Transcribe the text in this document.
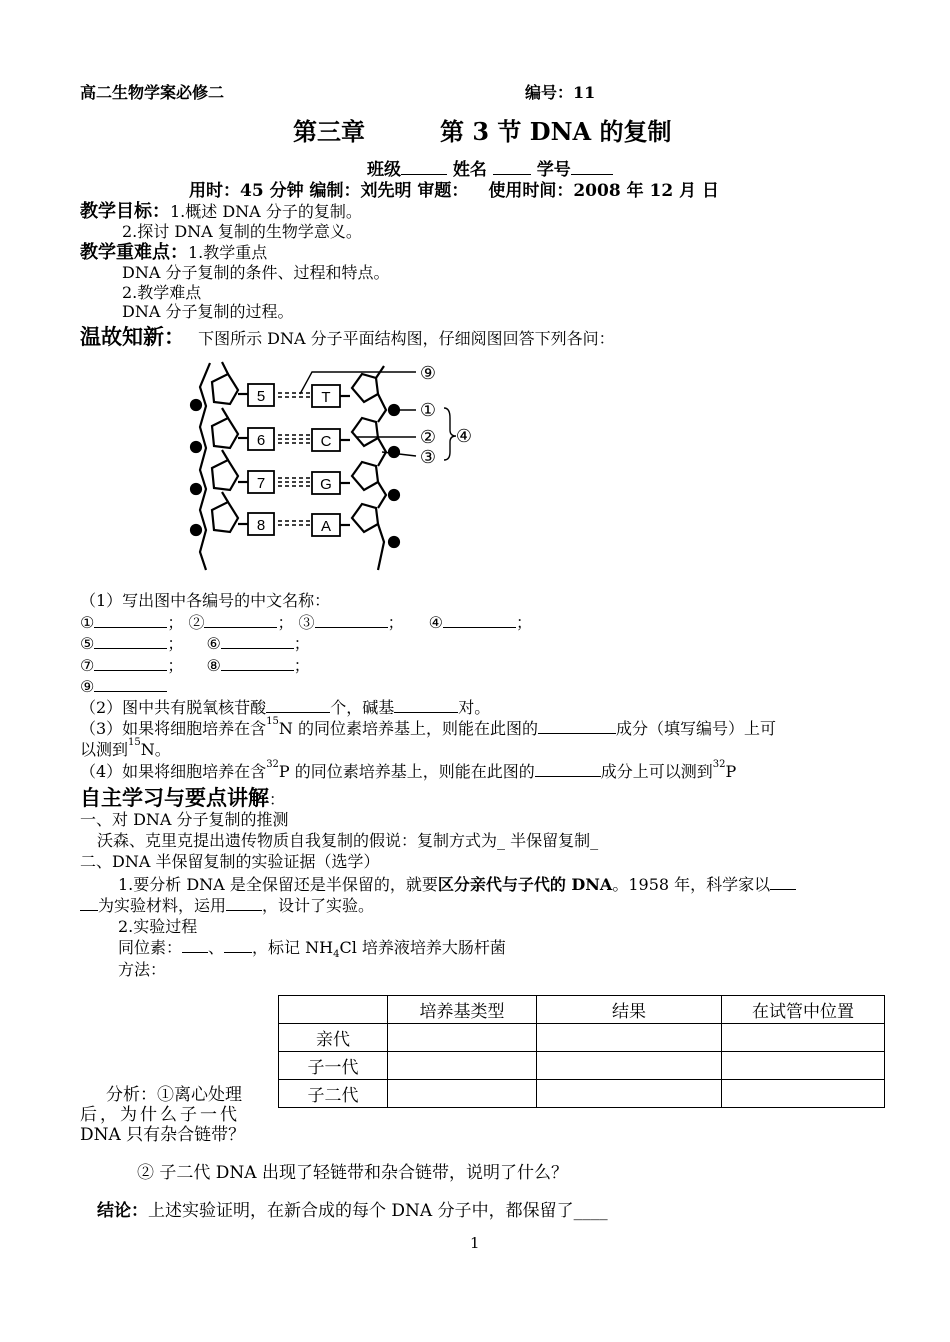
高二生物学案必修二	编号：11
第三章	第 3 节 DNA 的复制
班级	姓名	学号
用时：45 分钟 编制：刘先明 审题： 使用时间：2008 年 12 月 日
教学目标：1.概述 DNA 分子的复制。
2.探讨 DNA 复制的生物学意义。
教学重难点：1.教学重点
DNA 分子复制的条件、过程和特点。
2.教学难点
DNA 分子复制的过程。
温故知新： 下图所示 DNA 分子平面结构图，仔细阅图回答下列各问：
5
6
7
8
T
C
G
A
⑨
①
②
③
④
（1）写出图中各编号的中文名称：
①	； ②	； ③	； ④	；
⑤	； ⑥	；
⑦	； ⑧	；
⑨
（2）图中共有脱氧核苷酸	个，碱基	对。
（3）如果将细胞培养在含$^{15}$N 的同位素培养基上，则能在此图的	成分（填写编号）上可
以测到$^{15}$N。
（4）如果将细胞培养在含$^{32}$P 的同位素培养基上，则能在此图的	成分上可以测到$^{32}$P
自主学习与要点讲解：
一、对 DNA 分子复制的推测
沃森、克里克提出遗传物质自我复制的假说：复制方式为_ 半保留复制_
二、DNA 半保留复制的实验证据（选学）
1.要分析 DNA 是全保留还是半保留的，就要区分亲代与子代的 DNA。1958 年，科学家以
为实验材料，运用 ，设计了实验。
2.实验过程
同位素： 、 ，标记 $NH_4Cl$ 培养液培养大肠杆菌
方法：
	培养基类型	结果	在试管中位置
亲代			
子一代			
子二代			
分析：①离心处理
后，为什么子一代
DNA 只有杂合链带？
② 子二代 DNA 出现了轻链带和杂合链带，说明了什么？
结论：上述实验证明，在新合成的每个 DNA 分子中，都保留了____
1
